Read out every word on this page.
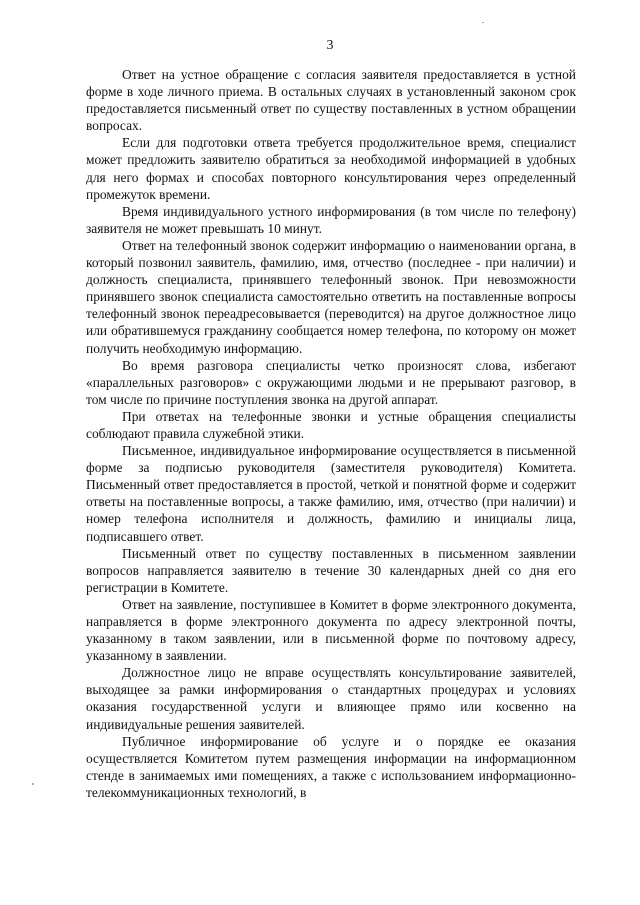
3

Ответ на устное обращение с согласия заявителя предоставляется в устной форме в ходе личного приема. В остальных случаях в установленный законом срок предоставляется письменный ответ по существу поставленных в устном обращении вопросах.

Если для подготовки ответа требуется продолжительное время, специалист может предложить заявителю обратиться за необходимой информацией в удобных для него формах и способах повторного консультирования через определенный промежуток времени.

Время индивидуального устного информирования (в том числе по телефону) заявителя не может превышать 10 минут.

Ответ на телефонный звонок содержит информацию о наименовании органа, в который позвонил заявитель, фамилию, имя, отчество (последнее - при наличии) и должность специалиста, принявшего телефонный звонок. При невозможности принявшего звонок специалиста самостоятельно ответить на поставленные вопросы телефонный звонок переадресовывается (переводится) на другое должностное лицо или обратившемуся гражданину сообщается номер телефона, по которому он может получить необходимую информацию.

Во время разговора специалисты четко произносят слова, избегают «параллельных разговоров» с окружающими людьми и не прерывают разговор, в том числе по причине поступления звонка на другой аппарат.

При ответах на телефонные звонки и устные обращения специалисты соблюдают правила служебной этики.

Письменное, индивидуальное информирование осуществляется в письменной форме за подписью руководителя (заместителя руководителя) Комитета. Письменный ответ предоставляется в простой, четкой и понятной форме и содержит ответы на поставленные вопросы, а также фамилию, имя, отчество (при наличии) и номер телефона исполнителя и должность, фамилию и инициалы лица, подписавшего ответ.

Письменный ответ по существу поставленных в письменном заявлении вопросов направляется заявителю в течение 30 календарных дней со дня его регистрации в Комитете.

Ответ на заявление, поступившее в Комитет в форме электронного документа, направляется в форме электронного документа по адресу электронной почты, указанному в таком заявлении, или в письменной форме по почтовому адресу, указанному в заявлении.

Должностное лицо не вправе осуществлять консультирование заявителей, выходящее за рамки информирования о стандартных процедурах и условиях оказания государственной услуги и влияющее прямо или косвенно на индивидуальные решения заявителей.

Публичное информирование об услуге и о порядке ее оказания осуществляется Комитетом путем размещения информации на информационном стенде в занимаемых ими помещениях, а также с использованием информационно-телекоммуникационных технологий, в
